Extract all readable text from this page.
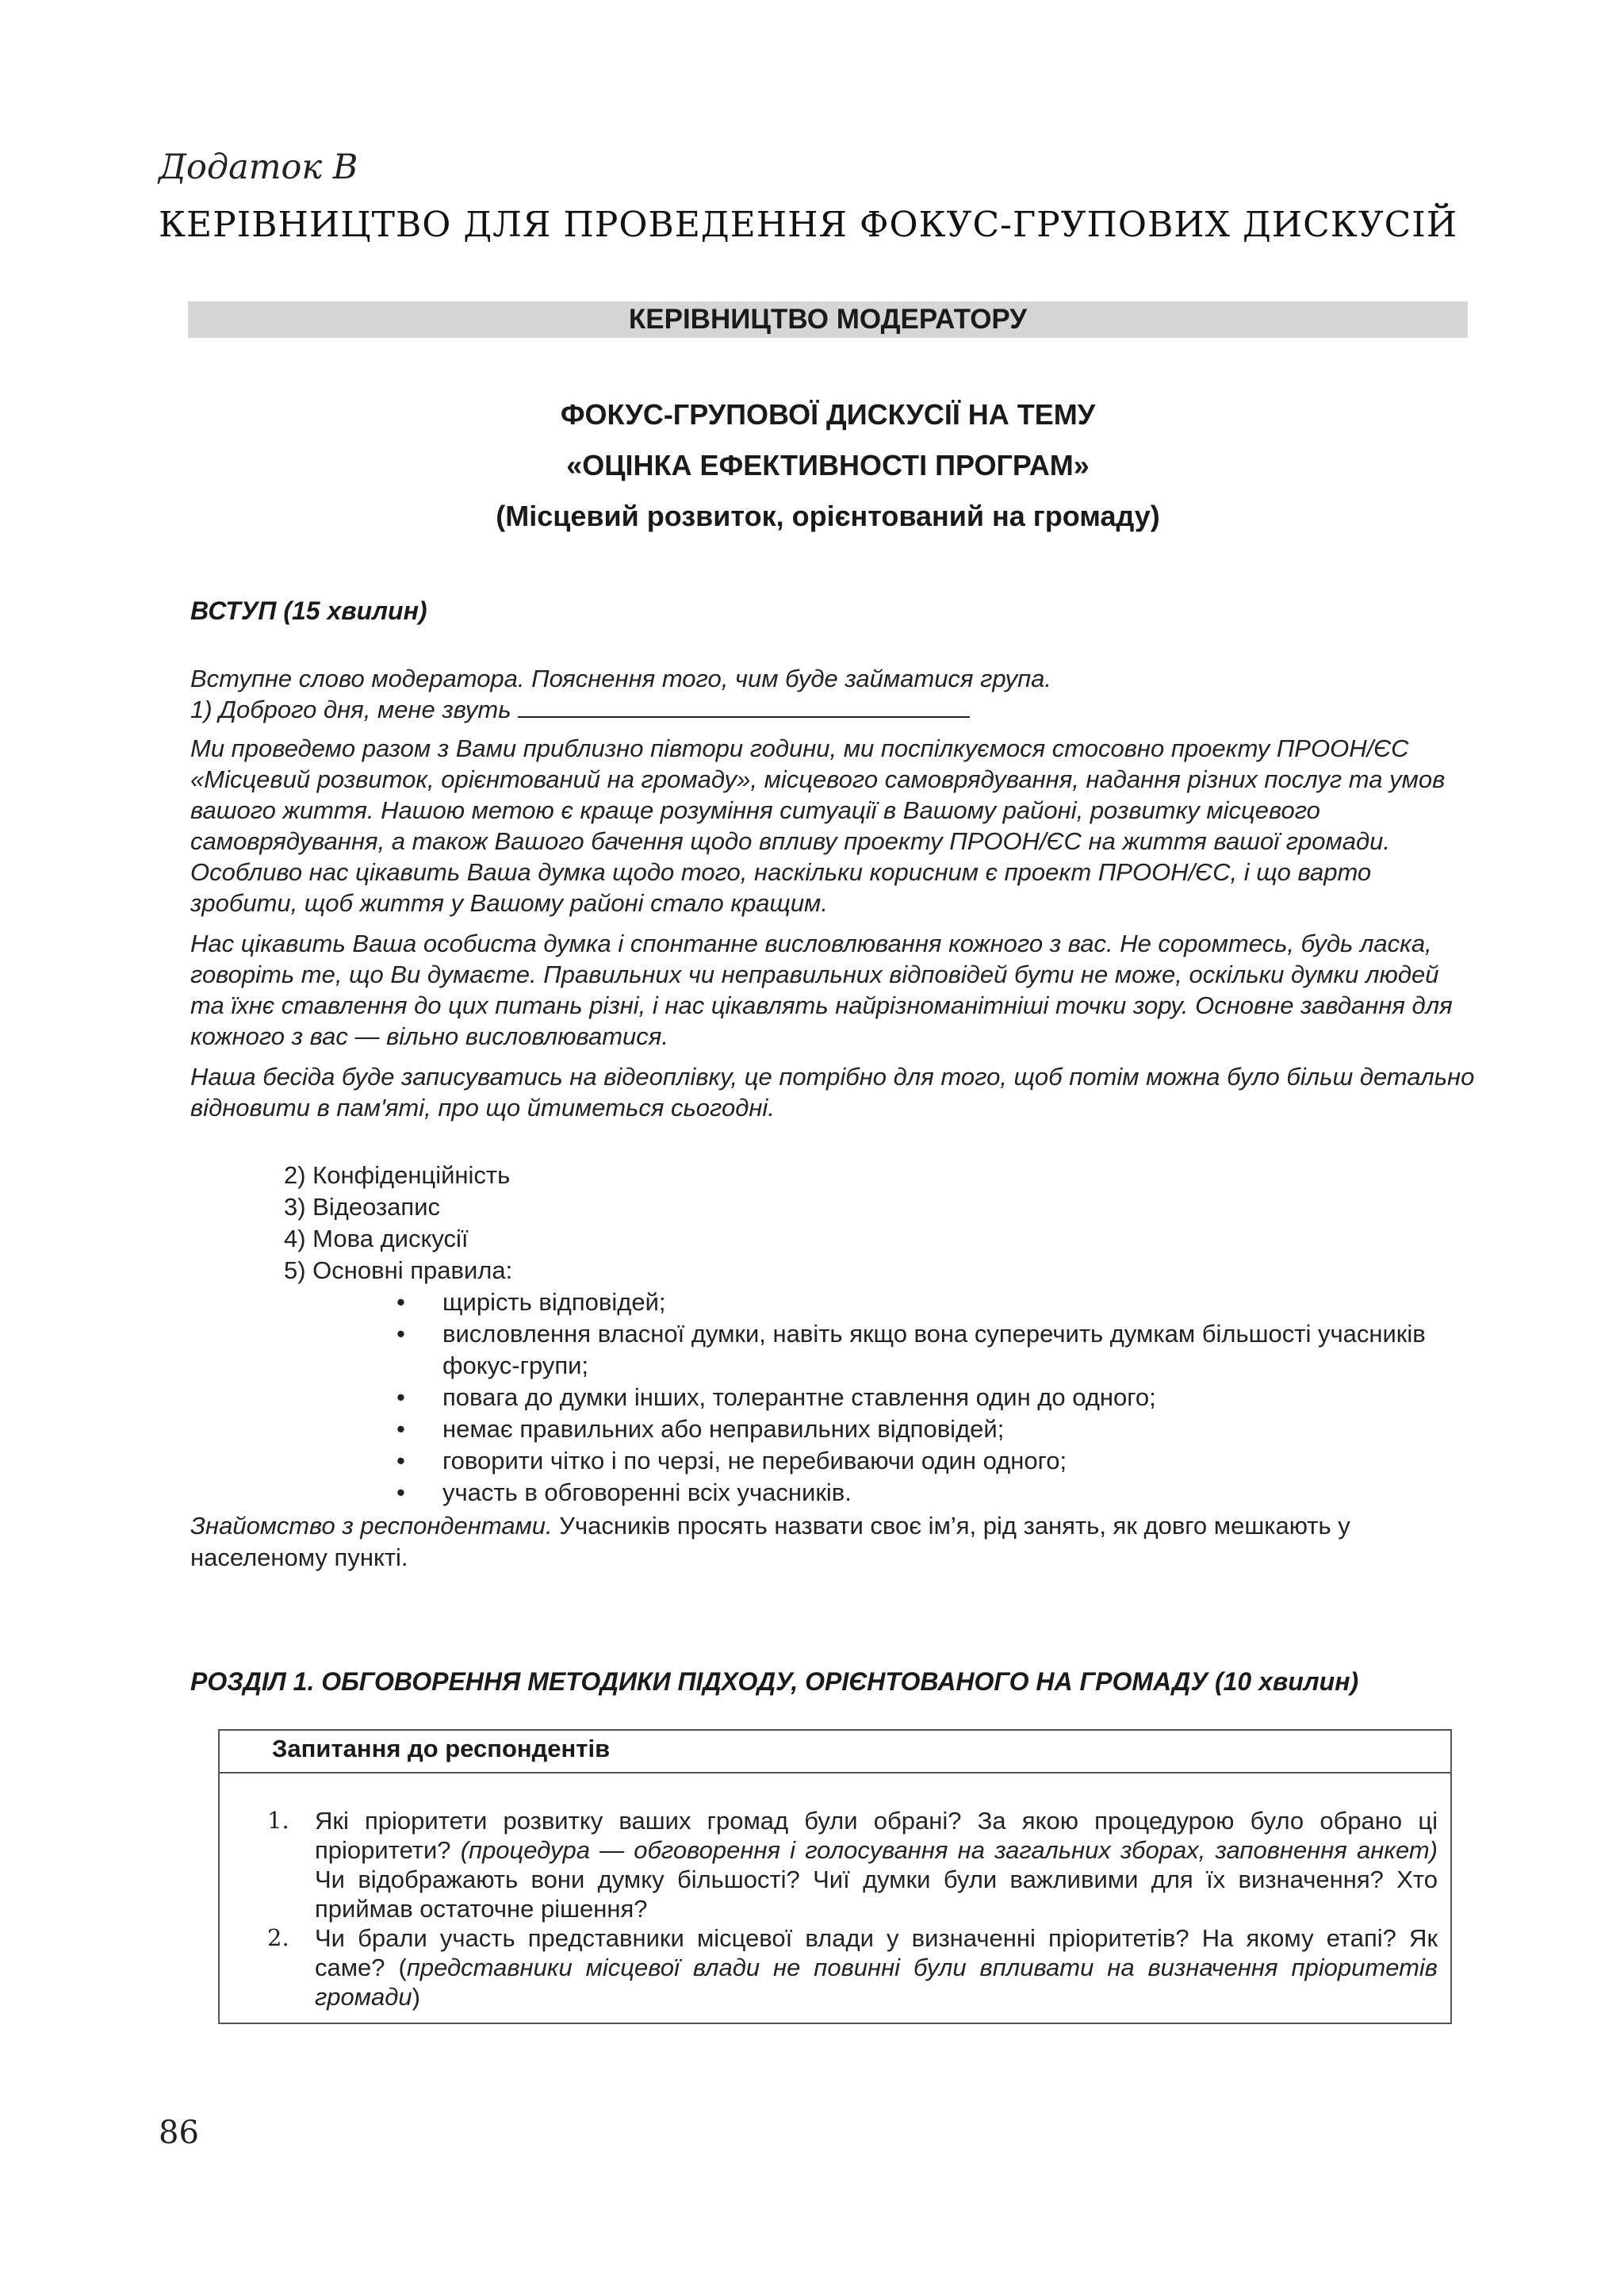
Додаток В
КЕРІВНИЦТВО ДЛЯ ПРОВЕДЕННЯ ФОКУС-ГРУПОВИХ ДИСКУСІЙ
КЕРІВНИЦТВО МОДЕРАТОРУ
ФОКУС-ГРУПОВОЇ ДИСКУСІЇ НА ТЕМУ
«ОЦІНКА ЕФЕКТИВНОСТІ ПРОГРАМ»
(Місцевий розвиток, орієнтований на громаду)
ВСТУП (15 хвилин)
Вступне слово модератора. Пояснення того, чим буде займатися група.
1) Доброго дня, мене звуть

Ми проведемо разом з Вами приблизно півтори години, ми поспілкуємося стосовно проекту ПРООН/ЄС «Місцевий розвиток, орієнтований на громаду», місцевого самоврядування, надання різних послуг та умов вашого життя. Нашою метою є краще розуміння ситуації в Вашому районі, розвитку місцевого самоврядування, а також Вашого бачення щодо впливу проекту ПРООН/ЄС на життя вашої громади. Особливо нас цікавить Ваша думка щодо того, наскільки корисним є проект ПРООН/ЄС, і що варто зробити, щоб життя у Вашому районі стало кращим.

Нас цікавить Ваша особиста думка і спонтанне висловлювання кожного з вас. Не соромтесь, будь ласка, говоріть те, що Ви думаєте. Правильних чи неправильних відповідей бути не може, оскільки думки людей та їхнє ставлення до цих питань різні, і нас цікавлять найрізноманітніші точки зору. Основне завдання для кожного з вас — вільно висловлюватися.

Наша бесіда буде записуватись на відеоплівку, це потрібно для того, щоб потім можна було більш детально відновити в пам'яті, про що йтиметься сьогодні.

2) Конфіденційність
3) Відеозапис
4) Мова дискусії
5) Основні правила:
• щирість відповідей;
• висловлення власної думки, навіть якщо вона суперечить думкам більшості учасників фокус-групи;
• повага до думки інших, толерантне ставлення один до одного;
• немає правильних або неправильних відповідей;
• говорити чітко і по черзі, не перебиваючи один одного;
• участь в обговоренні всіх учасників.
Знайомство з респондентами. Учасників просять назвати своє ім’я, рід занять, як довго мешкають у населеному пункті.
РОЗДІЛ 1. ОБГОВОРЕННЯ МЕТОДИКИ ПІДХОДУ, ОРІЄНТОВАНОГО НА ГРОМАДУ (10 хвилин)
Запитання до респондентів
1. Які пріоритети розвитку ваших громад були обрані? За якою процедурою було обрано ці пріоритети? (процедура — обговорення і голосування на загальних зборах, заповнення анкет) Чи відображають вони думку більшості? Чиї думки були важливими для їх визначення? Хто приймав остаточне рішення?
2. Чи брали участь представники місцевої влади у визначенні пріоритетів? На якому етапі? Як саме? (представники місцевої влади не повинні були впливати на визначення пріоритетів громади)
86
